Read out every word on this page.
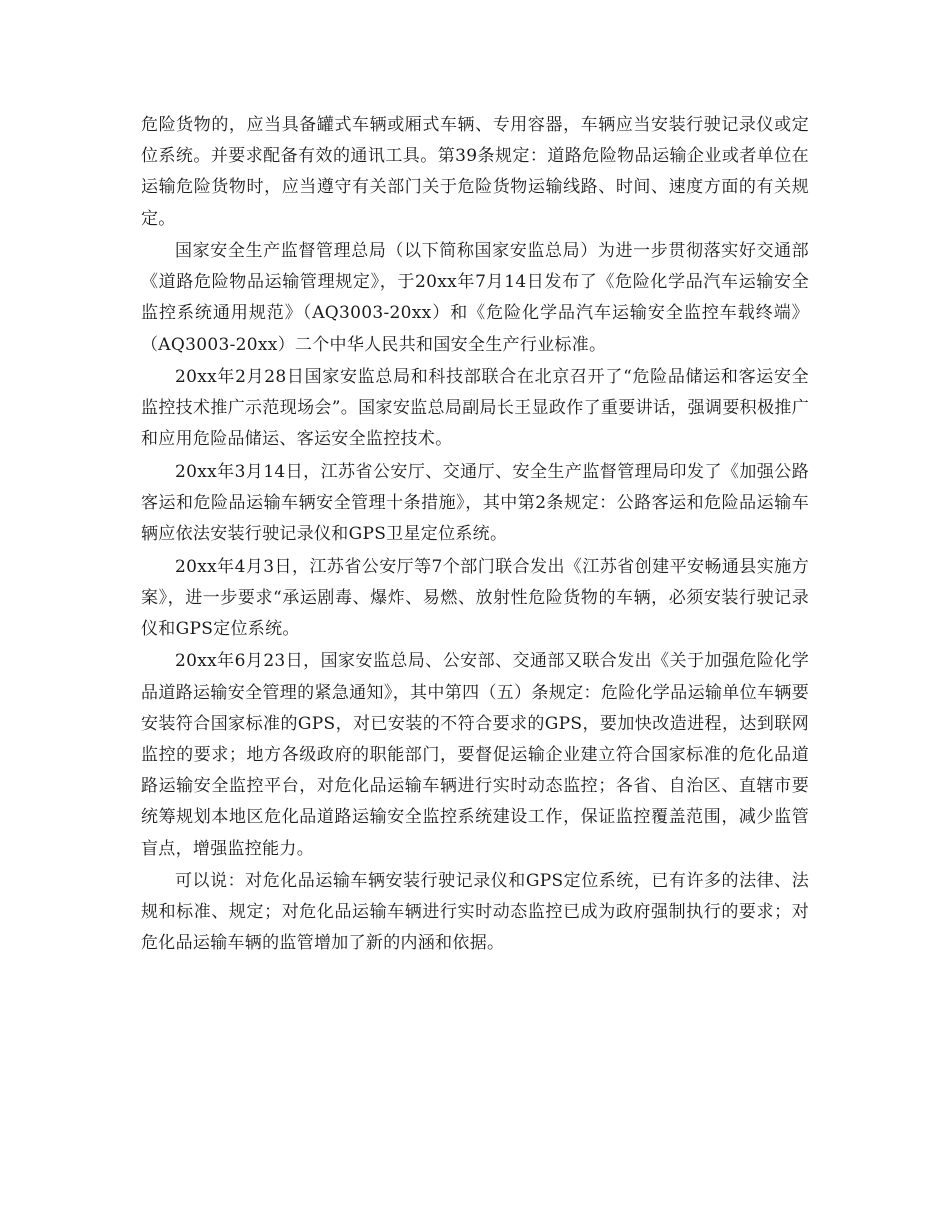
危险货物的，应当具备罐式车辆或厢式车辆、专用容器，车辆应当安装行驶记录仪或定位系统。并要求配备有效的通讯工具。第39条规定：道路危险物品运输企业或者单位在运输危险货物时，应当遵守有关部门关于危险货物运输线路、时间、速度方面的有关规定。

国家安全生产监督管理总局（以下简称国家安监总局）为进一步贯彻落实好交通部《道路危险物品运输管理规定》，于20xx年7月14日发布了《危险化学品汽车运输安全监控系统通用规范》（AQ3003-20xx）和《危险化学品汽车运输安全监控车载终端》（AQ3003-20xx）二个中华人民共和国安全生产行业标准。

20xx年2月28日国家安监总局和科技部联合在北京召开了“危险品储运和客运安全监控技术推广示范现场会”。国家安监总局副局长王显政作了重要讲话，强调要积极推广和应用危险品储运、客运安全监控技术。

20xx年3月14日，江苏省公安厅、交通厅、安全生产监督管理局印发了《加强公路客运和危险品运输车辆安全管理十条措施》，其中第2条规定：公路客运和危险品运输车辆应依法安装行驶记录仪和GPS卫星定位系统。

20xx年4月3日，江苏省公安厅等7个部门联合发出《江苏省创建平安畅通县实施方案》，进一步要求“承运剧毒、爆炸、易燃、放射性危险货物的车辆，必须安装行驶记录仪和GPS定位系统。

20xx年6月23日，国家安监总局、公安部、交通部又联合发出《关于加强危险化学品道路运输安全管理的紧急通知》，其中第四（五）条规定：危险化学品运输单位车辆要安装符合国家标准的GPS，对已安装的不符合要求的GPS，要加快改造进程，达到联网监控的要求；地方各级政府的职能部门，要督促运输企业建立符合国家标准的危化品道路运输安全监控平台，对危化品运输车辆进行实时动态监控；各省、自治区、直辖市要统筹规划本地区危化品道路运输安全监控系统建设工作，保证监控覆盖范围，减少监管盲点，增强监控能力。

可以说：对危化品运输车辆安装行驶记录仪和GPS定位系统，已有许多的法律、法规和标准、规定；对危化品运输车辆进行实时动态监控已成为政府强制执行的要求；对危化品运输车辆的监管增加了新的内涵和依据。
